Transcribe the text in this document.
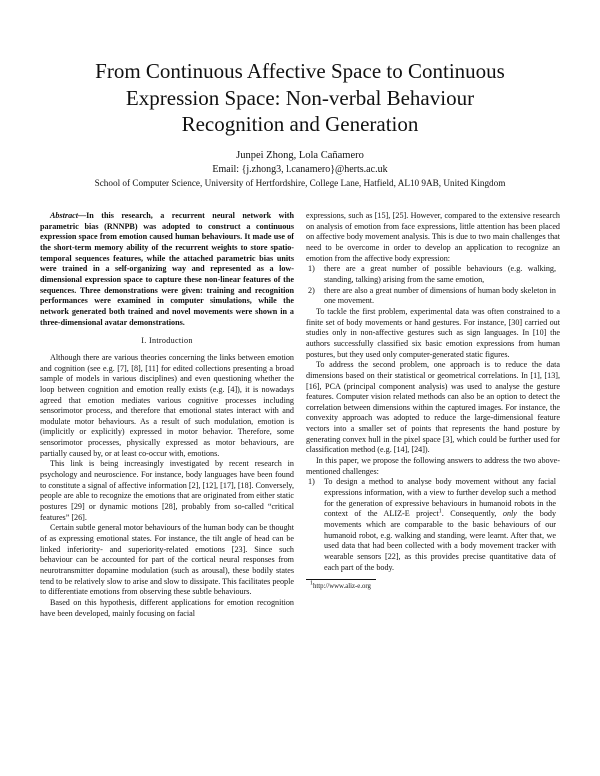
From Continuous Affective Space to Continuous
Expression Space: Non-verbal Behaviour
Recognition and Generation
Junpei Zhong, Lola Cañamero
Email: {j.zhong3, l.canamero}@herts.ac.uk
School of Computer Science, University of Hertfordshire, College Lane, Hatfield, AL10 9AB, United Kingdom

Abstract—In this research, a recurrent neural network with parametric bias (RNNPB) was adopted to construct a continuous expression space from emotion caused human behaviours. It made use of the short-term memory ability of the recurrent weights to store spatio-temporal sequences features, while the attached parametric bias units were trained in a self-organizing way and represented as a low-dimensional expression space to capture these non-linear features of the sequences. Three demonstrations were given: training and recognition performances were examined in computer simulations, while the network generated both trained and novel movements were shown in a three-dimensional avatar demonstrations.

I. Introduction

Although there are various theories concerning the links between emotion and cognition (see e.g. [7], [8], [11] for edited collections presenting a broad sample of models in various disciplines) and even questioning whether the loop between cognition and emotion really exists (e.g. [4]), it is nowadays agreed that emotion mediates various cognitive processes including sensorimotor process, and therefore that emotional states interact with and modulate motor behaviours. As a result of such modulation, emotion is (implicitly or explicitly) expressed in motor behavior. Therefore, some sensorimotor processes, physically expressed as motor behaviours, are partially caused by, or at least co-occur with, emotions.

This link is being increasingly investigated by recent research in psychology and neuroscience. For instance, body languages have been found to constitute a signal of affective information [2], [12], [17], [18]. Conversely, people are able to recognize the emotions that are originated from either static postures [29] or dynamic motions [28], probably from so-called “critical features” [26].

Certain subtle general motor behaviours of the human body can be thought of as expressing emotional states. For instance, the tilt angle of head can be linked inferiority- and superiority-related emotions [23]. Since such behaviour can be accounted for part of the cortical neural responses from neurotransmitter dopamine modulation (such as arousal), these bodily states tend to be relatively slow to arise and slow to dissipate. This facilitates people to differentiate emotions from observing these subtle behaviours.

Based on this hypothesis, different applications for emotion recognition have been developed, mainly focusing on facial

expressions, such as [15], [25]. However, compared to the extensive research on analysis of emotion from face expressions, little attention has been placed on affective body movement analysis. This is due to two main challenges that need to be overcome in order to develop an application to recognize an emotion from the affective body expression:

1) there are a great number of possible behaviours (e.g. walking, standing, talking) arising from the same emotion,
2) there are also a great number of dimensions of human body skeleton in one movement.

To tackle the first problem, experimental data was often constrained to a finite set of body movements or hand gestures. For instance, [30] carried out studies only in non-affective gestures such as sign languages. In [10] the authors successfully classified six basic emotion expressions from human postures, but they used only computer-generated static figures.

To address the second problem, one approach is to reduce the data dimensions based on their statistical or geometrical correlations. In [1], [13], [16], PCA (principal component analysis) was used to analyse the gesture features. Computer vision related methods can also be an option to detect the correlation between dimensions within the captured images. For instance, the convexity approach was adopted to reduce the large-dimensional feature vectors into a smaller set of points that represents the hand posture by generating convex hull in the pixel space [3], which could be further used for classification method (e.g. [14], [24]).

In this paper, we propose the following answers to address the two above-mentioned challenges:

1) To design a method to analyse body movement without any facial expressions information, with a view to further develop such a method for the generation of expressive behaviours in humanoid robots in the context of the ALIZ-E project$^1$. Consequently, only the body movements which are comparable to the basic behaviours of our humanoid robot, e.g. walking and standing, were learnt. After that, we used data that had been collected with a body movement tracker with wearable sensors [22], as this provides precise quantitative data of each part of the body.
$^1$http://www.aliz-e.org
